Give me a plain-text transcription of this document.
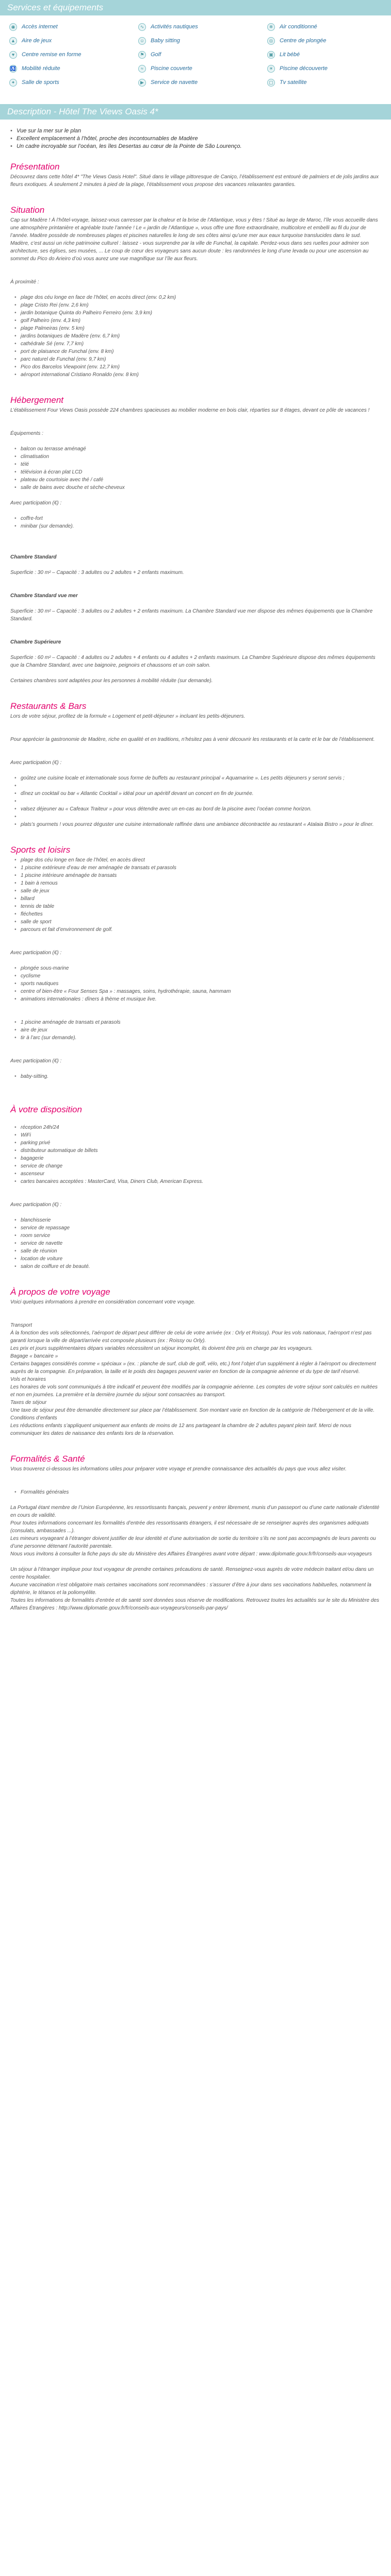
Services et équipements
◉	Accès internet	∿	Activités nautiques	❄	Air conditionné
▲ Aire de jeux	☺ Baby sitting	◎	Centre de plongée
♥	Centre remise en forme	⚑	Golf	▣ Lit bébé
♿ Mobilité réduite	≈	Piscine couverte	☀	Piscine découverte
✦	Salle de sports	▶	Service de navette	▢ Tv satellite
Description - Hôtel The Views Oasis 4*
• Vue sur la mer sur le plan
• Excellent emplacement à l’hôtel, proche des incontournables de Madère
• Un cadre incroyable sur l’océan, les îles Desertas au cœur de la Pointe de São Lourenço.
Présentation

Découvrez dans cette hôtel 4* "The Views Oasis Hotel". Situé dans le village pittoresque de Caniço, l’établissement est entouré de palmiers et de jolis jardins aux fleurs exotiques. À seulement 2 minutes à pied de la plage, l’établissement vous propose des vacances relaxantes garanties.

Situation

Cap sur Madère ! À l’hôtel-voyage, laissez-vous carresser par la chaleur et la brise de l’Atlantique, vous y êtes ! Situé au large de Maroc, l’île vous accueille dans une atmosphère printanière et agréable toute l’année ! Le « jardin de l’Atlantique », vous offre une flore extraordinaire, multicolore et embelli au fil du jour de l’année. Madère possède de nombreuses plages et piscines naturelles le long de ses côtes ainsi qu’une mer aux eaux turquoise translucides dans le sud. Madère, c’est aussi un riche patrimoine culturel : laissez - vous surprendre par la ville de Funchal, la capitale. Perdez-vous dans ses ruelles pour admirer son architecture, ses églises, ses musées, ... Le coup de cœur des voyageurs sans aucun doute : les randonnées le long d’une levada ou pour une ascension au sommet du Pico do Arieiro d’où vous aurez une vue magnifique sur l’île aux fleurs.

À proximité :

• plage dos céu longe en face de l’hôtel, en accès direct (env. 0,2 km)
• plage Cristo Rei (env. 2,6 km)
• jardin botanique Quinta do Palheiro Ferreiro (env. 3,9 km)
• golf Palheiro (env. 4,3 km)
• plage Palmeiras (env. 5 km)
• jardins botaniques de Madère (env. 6,7 km)
• cathédrale Sé (env. 7,7 km)
• port de plaisance de Funchal (env. 8 km)
• parc naturel de Funchal (env. 9,7 km)
• Pico dos Barcelos Viewpoint (env. 12,7 km)
• aéroport international Cristiano Ronaldo (env. 8 km)
Hébergement

L’établissement Four Views Oasis possède 224 chambres spacieuses au mobilier moderne en bois clair, réparties sur 8 étages, devant ce pôle de vacances !

Équipements :

• balcon ou terrasse aménagé
• climatisation
• télé
• télévision à écran plat LCD
• plateau de courtoisie avec thé / café
• salle de bains avec douche et sèche-cheveux

Avec participation (€) :

• coffre-fort
• minibar (sur demande).

Chambre Standard

Superficie : 30 m² – Capacité : 3 adultes ou 2 adultes + 2 enfants maximum.

Chambre Standard vue mer

Superficie : 30 m² – Capacité : 3 adultes ou 2 adultes + 2 enfants maximum. La Chambre Standard vue mer dispose des mêmes équipements que la Chambre Standard.

Chambre Supérieure

Superficie : 60 m² – Capacité : 4 adultes ou 2 adultes + 4 enfants ou 4 adultes + 2 enfants maximum. La Chambre Supérieure dispose des mêmes équipements que la Chambre Standard, avec une baignoire, peignoirs et chaussons et un coin salon.

Certaines chambres sont adaptées pour les personnes à mobilité réduite (sur demande).

Restaurants & Bars

Lors de votre séjour, profitez de la formule « Logement et petit-déjeuner » incluant les petits-déjeuners.

Pour apprécier la gastronomie de Madère, riche en qualité et en traditions, n’hésitez pas à venir découvrir les restaurants et la carte et le bar de l’établissement.

Avec participation (€) :

• goûtez une cuisine locale et internationale sous forme de buffets au restaurant principal « Aquamarine ». Les petits déjeuners y seront servis ;
•
• dînez un cocktail ou bar « Atlantic Cocktail » idéal pour un apéritif devant un concert en fin de journée.
•
• valsez déjeuner au « Cafeaux Traiteur » pour vous détendre avec un en-cas au bord de la piscine avec l’océan comme horizon.
•
• plats’s gourmets ! vous pourrez déguster une cuisine internationale raffinée dans une ambiance décontractée au restaurant « Atalaia Bistro » pour le dîner.
Sports et loisirs
• plage dos céu longe en face de l’hôtel, en accès direct
• 1 piscine extérieure d’eau de mer aménagée de transats et parasols
• 1 piscine intérieure aménagée de transats
• 1 bain à remous
• salle de jeux
• billard
• tennis de table
• fléchettes
• salle de sport
• parcours et fait d’environnement de golf.

Avec participation (€) :

• plongée sous-marine
• cyclisme
• sports nautiques
• centre of bien-être « Four Senses Spa » : massages, soins, hydrothérapie, sauna, hammam
• animations internationales : dîners à thème et musique live.
• 1 piscine aménagée de transats et parasols
• aire de jeux
• tir à l’arc (sur demande).

Avec participation (€) :

• baby-sitting.
À votre disposition
• réception 24h/24
• WiFi
• parking privé
• distributeur automatique de billets
• bagagerie
• service de change
• ascenseur
• cartes bancaires acceptées : MasterCard, Visa, Diners Club, American Express.

Avec participation (€) :

• blanchisserie
• service de repassage
• room service
• service de navette
• salle de réunion
• location de voiture
• salon de coiffure et de beauté.
À propos de votre voyage

Voici quelques informations à prendre en considération concernant votre voyage.

Transport

À la fonction des vols sélectionnés, l’aéroport de départ peut différer de celui de votre arrivée (ex : Orly et Roissy). Pour les vols nationaux, l’aéroport n’est pas garanti lorsque la ville de départ/arrivée est composée plusieurs (ex : Roissy ou Orly).

Les prix et jours supplémentaires dépars variables nécessitent un séjour incomplet, ils doivent être pris en charge par les voyageurs.

Bagage « bancaire »

Certains bagages considérés comme « spéciaux » (ex. : planche de surf, club de golf, vélo, etc.) font l’objet d’un supplément à régler à l’aéroport ou directement auprès de la compagnie. En préparation, la taille et le poids des bagages peuvent varier en fonction de la compagnie aérienne et du type de tarif réservé.

Vols et horaires

Les horaires de vols sont communiqués à titre indicatif et peuvent être modifiés par la compagnie aérienne. Les comptes de votre séjour sont calculés en nuitées et non en journées. La première et la dernière journée du séjour sont consacrées au transport.

Taxes de séjour

Une taxe de séjour peut être demandée directement sur place par l’établissement. Son montant varie en fonction de la catégorie de l’hébergement et de la ville.

Conditions d’enfants

Les réductions enfants s’appliquent uniquement aux enfants de moins de 12 ans partageant la chambre de 2 adultes payant plein tarif. Merci de nous communiquer les dates de naissance des enfants lors de la réservation.

Formalités & Santé

Vous trouverez ci-dessous les informations utiles pour préparer votre voyage et prendre connaissance des actualités du pays que vous allez visiter.

• Formalités générales

La Portugal étant membre de l’Union Européenne, les ressortissants français, peuvent y entrer librement, munis d’un passeport ou d’une carte nationale d’identité en cours de validité.

Pour toutes informations concernant les formalités d’entrée des ressortissants étrangers, il est nécessaire de se renseigner auprès des organismes adéquats (consulats, ambassades ...).

Les mineurs voyageant à l’étranger doivent justifier de leur identité et d’une autorisation de sortie du territoire s’ils ne sont pas accompagnés de leurs parents ou d’une personne détenant l’autorité parentale.

Nous vous invitons à consulter la fiche pays du site du Ministère des Affaires Étrangères avant votre départ : www.diplomatie.gouv.fr/fr/conseils-aux-voyageurs

Un séjour à l’étranger implique pour tout voyageur de prendre certaines précautions de santé. Renseignez-vous auprès de votre médecin traitant et/ou dans un centre hospitalier.

Aucune vaccination n’est obligatoire mais certaines vaccinations sont recommandées : s’assurer d’être à jour dans ses vaccinations habituelles, notamment la diphtérie, le tétanos et la poliomyélite.

Toutes les informations de formalités d’entrée et de santé sont données sous réserve de modifications. Retrouvez toutes les actualités sur le site du Ministère des Affaires Étrangères : http://www.diplomatie.gouv.fr/fr/conseils-aux-voyageurs/conseils-par-pays/
